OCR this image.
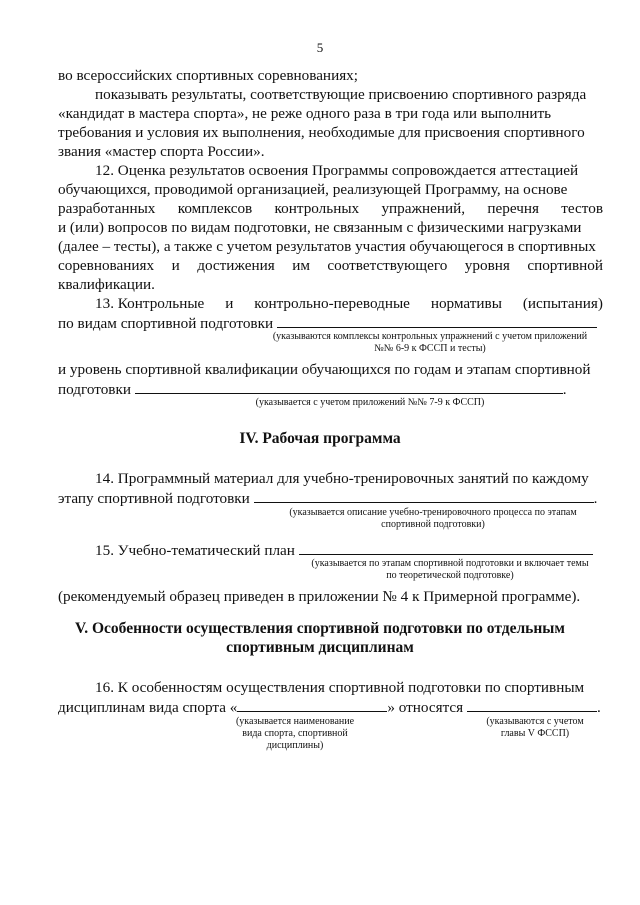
5
во всероссийских спортивных соревнованиях;
показывать результаты, соответствующие присвоению спортивного разряда
«кандидат в мастера спорта», не реже одного раза в три года или выполнить
требования и условия их выполнения, необходимые для присвоения спортивного
звания «мастер спорта России».
12. Оценка результатов освоения Программы сопровождается аттестацией
обучающихся, проводимой организацией, реализующей Программу, на основе
разработанных комплексов контрольных упражнений, перечня тестов
и (или) вопросов по видам подготовки, не связанным с физическими нагрузками
(далее – тесты), а также с учетом результатов участия обучающегося в спортивных
соревнованиях и достижения им соответствующего уровня спортивной
квалификации.
13. Контрольные и контрольно-переводные нормативы (испытания)
по видам спортивной подготовки
(указываются комплексы контрольных упражнений с учетом приложений
№№ 6-9 к ФССП и тесты)
и уровень спортивной квалификации обучающихся по годам и этапам спортивной
подготовки	.
(указывается с учетом приложений №№ 7-9 к ФССП)
IV. Рабочая программа
14. Программный материал для учебно-тренировочных занятий по каждому
этапу спортивной подготовки	.
(указывается описание учебно-тренировочного процесса по этапам
спортивной подготовки)
15. Учебно-тематический план
(указывается по этапам спортивной подготовки и включает темы
по теоретической подготовке)
(рекомендуемый образец приведен в приложении № 4 к Примерной программе).
V. Особенности осуществления спортивной подготовки по отдельным
спортивным дисциплинам
16. К особенностям осуществления спортивной подготовки по спортивным
дисциплинам вида спорта «	» относятся	.
(указывается наименование
вида спорта, спортивной
дисциплины)
(указываются с учетом
главы V ФССП)
